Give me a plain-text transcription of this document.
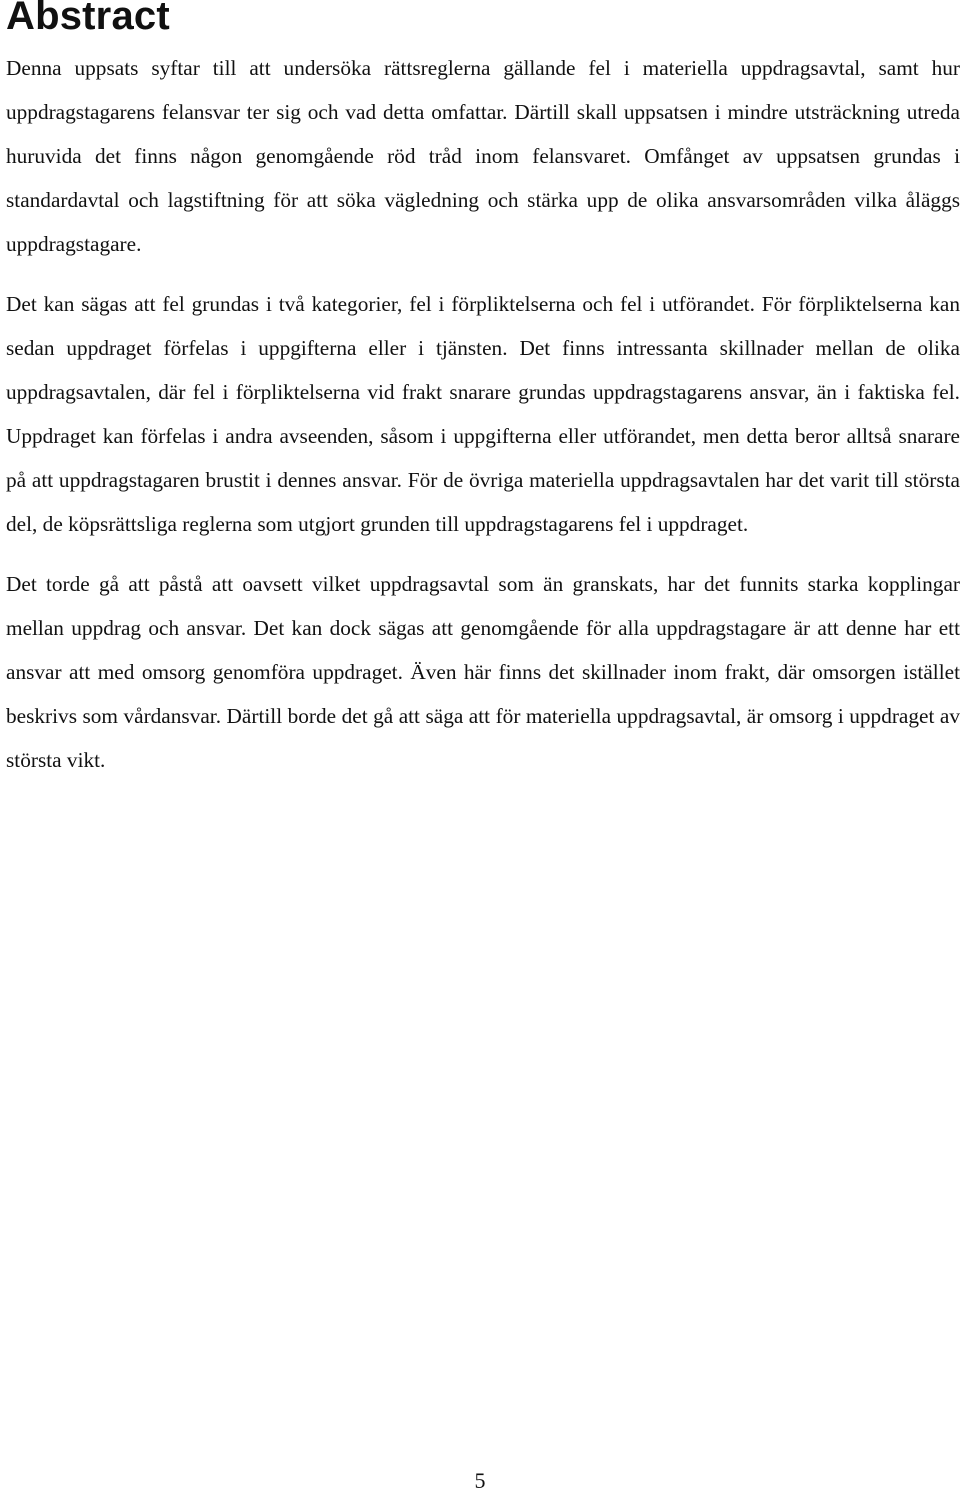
Abstract

Denna uppsats syftar till att undersöka rättsreglerna gällande fel i materiella uppdragsavtal, samt hur uppdragstagarens felansvar ter sig och vad detta omfattar. Därtill skall uppsatsen i mindre utsträckning utreda huruvida det finns någon genomgående röd tråd inom felansvaret. Omfånget av uppsatsen grundas i standardavtal och lagstiftning för att söka vägledning och stärka upp de olika ansvarsområden vilka åläggs uppdragstagare.

Det kan sägas att fel grundas i två kategorier, fel i förpliktelserna och fel i utförandet. För förpliktelserna kan sedan uppdraget förfelas i uppgifterna eller i tjänsten. Det finns intressanta skillnader mellan de olika uppdragsavtalen, där fel i förpliktelserna vid frakt snarare grundas uppdragstagarens ansvar, än i faktiska fel. Uppdraget kan förfelas i andra avseenden, såsom i uppgifterna eller utförandet, men detta beror alltså snarare på att uppdragstagaren brustit i dennes ansvar. För de övriga materiella uppdragsavtalen har det varit till största del, de köpsrättsliga reglerna som utgjort grunden till uppdragstagarens fel i uppdraget.

Det torde gå att påstå att oavsett vilket uppdragsavtal som än granskats, har det funnits starka kopplingar mellan uppdrag och ansvar. Det kan dock sägas att genomgående för alla uppdragstagare är att denne har ett ansvar att med omsorg genomföra uppdraget. Även här finns det skillnader inom frakt, där omsorgen istället beskrivs som vårdansvar. Därtill borde det gå att säga att för materiella uppdragsavtal, är omsorg i uppdraget av största vikt.

5
